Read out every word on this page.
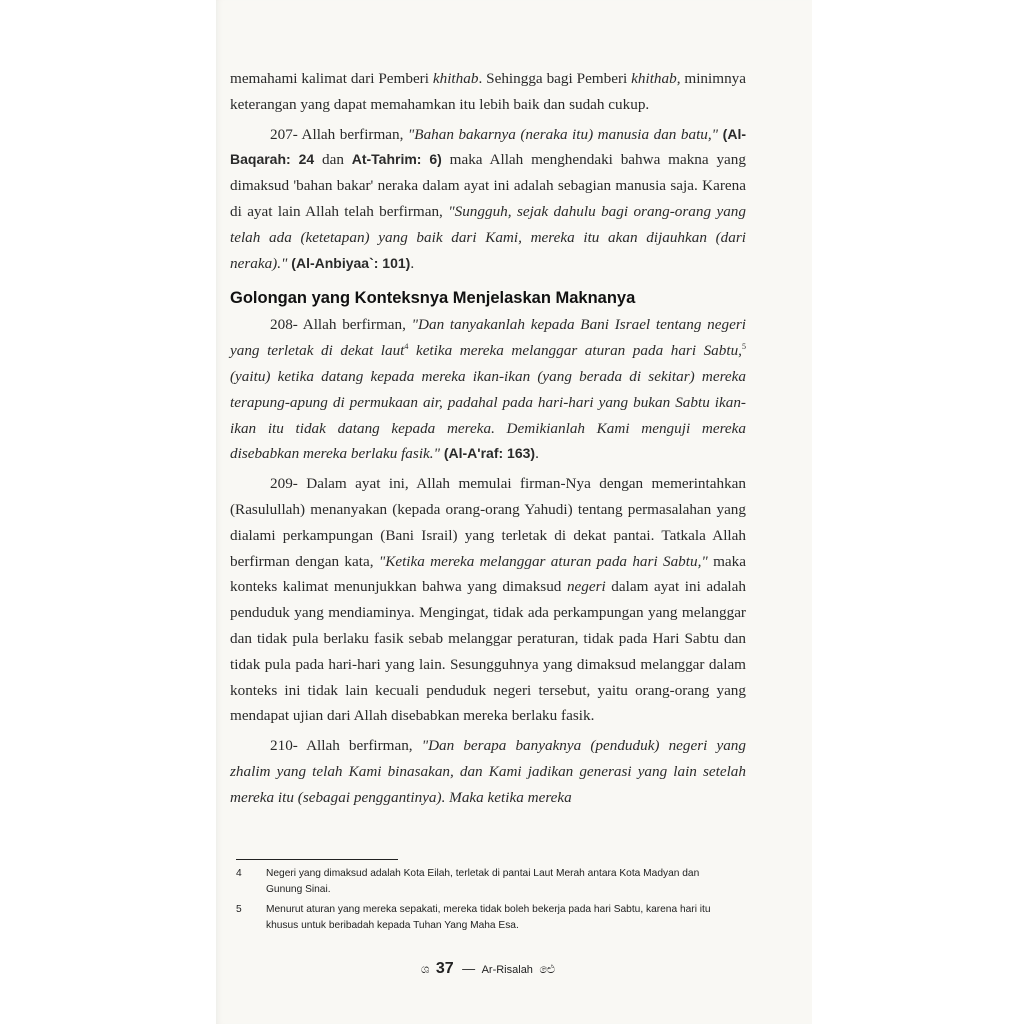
memahami kalimat dari Pemberi khithab. Sehingga bagi Pemberi khithab, minimnya keterangan yang dapat memahamkan itu lebih baik dan sudah cukup.

207- Allah berfirman, "Bahan bakarnya (neraka itu) manusia dan batu," (Al-Baqarah: 24 dan At-Tahrim: 6) maka Allah menghendaki bahwa makna yang dimaksud 'bahan bakar' neraka dalam ayat ini adalah sebagian manusia saja. Karena di ayat lain Allah telah berfirman, "Sungguh, sejak dahulu bagi orang-orang yang telah ada (ketetapan) yang baik dari Kami, mereka itu akan dijauhkan (dari neraka)." (Al-Anbiyaa`: 101).

Golongan yang Konteksnya Menjelaskan Maknanya

208- Allah berfirman, "Dan tanyakanlah kepada Bani Israel tentang negeri yang terletak di dekat laut$^4$ ketika mereka melanggar aturan pada hari Sabtu,$^5$ (yaitu) ketika datang kepada mereka ikan-ikan (yang berada di sekitar) mereka terapung-apung di permukaan air, padahal pada hari-hari yang bukan Sabtu ikan-ikan itu tidak datang kepada mereka. Demikianlah Kami menguji mereka disebabkan mereka berlaku fasik." (Al-A'raf: 163).

209- Dalam ayat ini, Allah memulai firman-Nya dengan memerintahkan (Rasulullah) menanyakan (kepada orang-orang Yahudi) tentang permasalahan yang dialami perkampungan (Bani Israil) yang terletak di dekat pantai. Tatkala Allah berfirman dengan kata, "Ketika mereka melanggar aturan pada hari Sabtu," maka konteks kalimat menunjukkan bahwa yang dimaksud negeri dalam ayat ini adalah penduduk yang mendiaminya. Mengingat, tidak ada perkampungan yang melanggar dan tidak pula berlaku fasik sebab melanggar peraturan, tidak pada Hari Sabtu dan tidak pula pada hari-hari yang lain. Sesungguhnya yang dimaksud melanggar dalam konteks ini tidak lain kecuali penduduk negeri tersebut, yaitu orang-orang yang mendapat ujian dari Allah disebabkan mereka berlaku fasik.

210- Allah berfirman, "Dan berapa banyaknya (penduduk) negeri yang zhalim yang telah Kami binasakan, dan Kami jadikan generasi yang lain setelah mereka itu (sebagai penggantinya). Maka ketika mereka

4	Negeri yang dimaksud adalah Kota Eilah, terletak di pantai Laut Merah antara Kota Madyan dan Gunung Sinai.
5	Menurut aturan yang mereka sepakati, mereka tidak boleh bekerja pada hari Sabtu, karena hari itu khusus untuk beribadah kepada Tuhan Yang Maha Esa.
ශ 37 — Ar-Risalah ඓ
